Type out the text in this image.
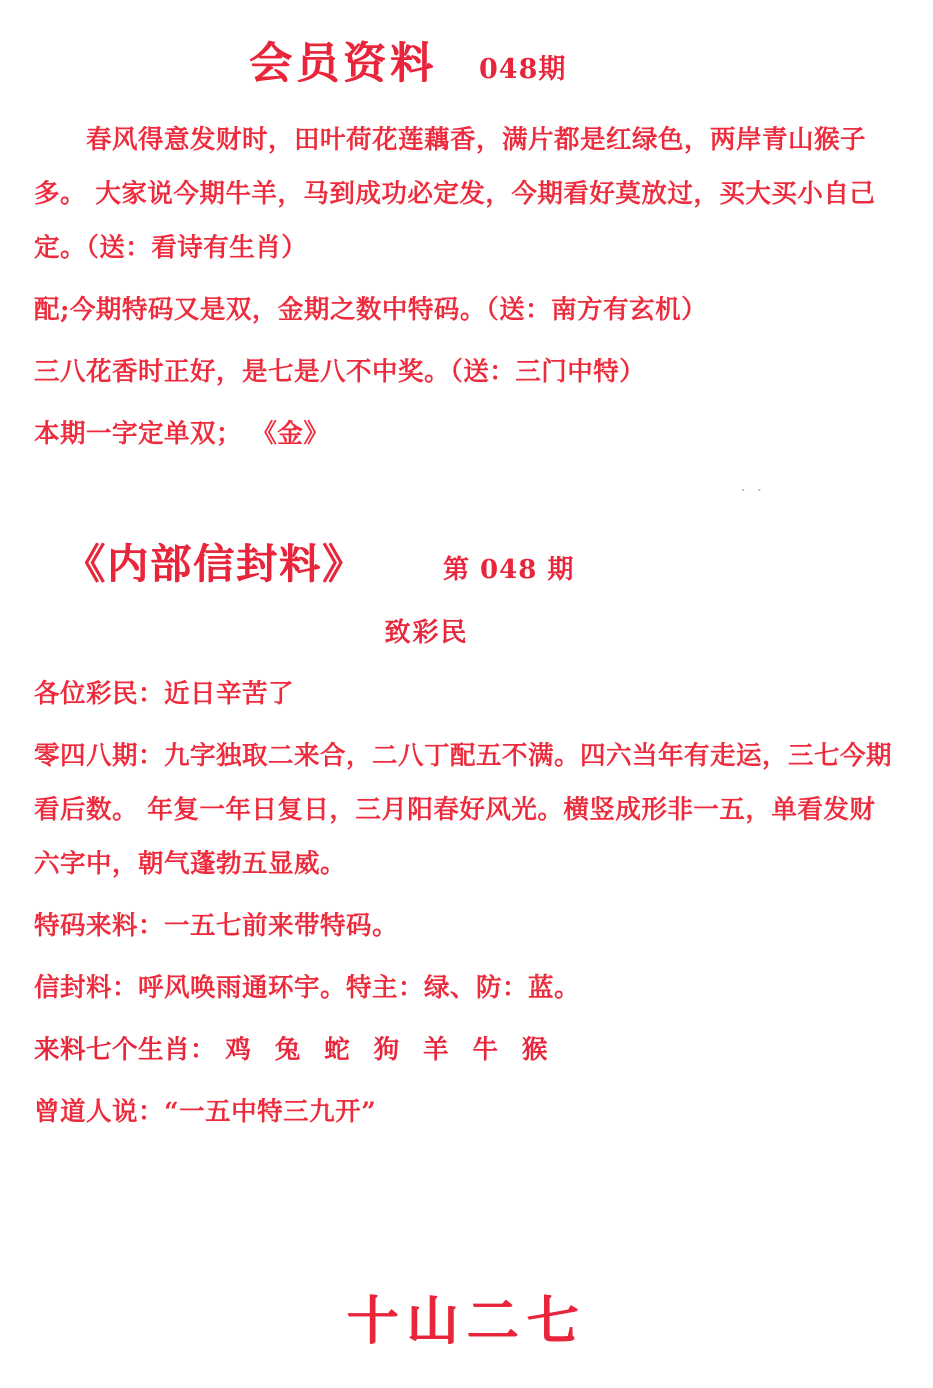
会员资料 048期
春风得意发财时，田叶荷花莲藕香，满片都是红绿色，两岸青山猴子多。 大家说今期牛羊，马到成功必定发，今期看好莫放过，买大买小自己定。（送：看诗有生肖）
配;今期特码又是双，金期之数中特码。（送：南方有玄机）
三八花香时正好，是七是八不中奖。（送：三门中特）
本期一字定单双； 《金》
. .
《内部信封料》	第 048 期
致彩民
各位彩民：近日辛苦了
零四八期：九字独取二来合，二八丁配五不满。四六当年有走运，三七今期看后数。 年复一年日复日，三月阳春好风光。横竖成形非一五，单看发财六字中，朝气蓬勃五显威。
特码来料：一五七前来带特码。
信封料：呼风唤雨通环宇。特主：绿、防：蓝。
来料七个生肖： 鸡 兔 蛇 狗 羊 牛 猴
曾道人说：“一五中特三九开”
十山二七
